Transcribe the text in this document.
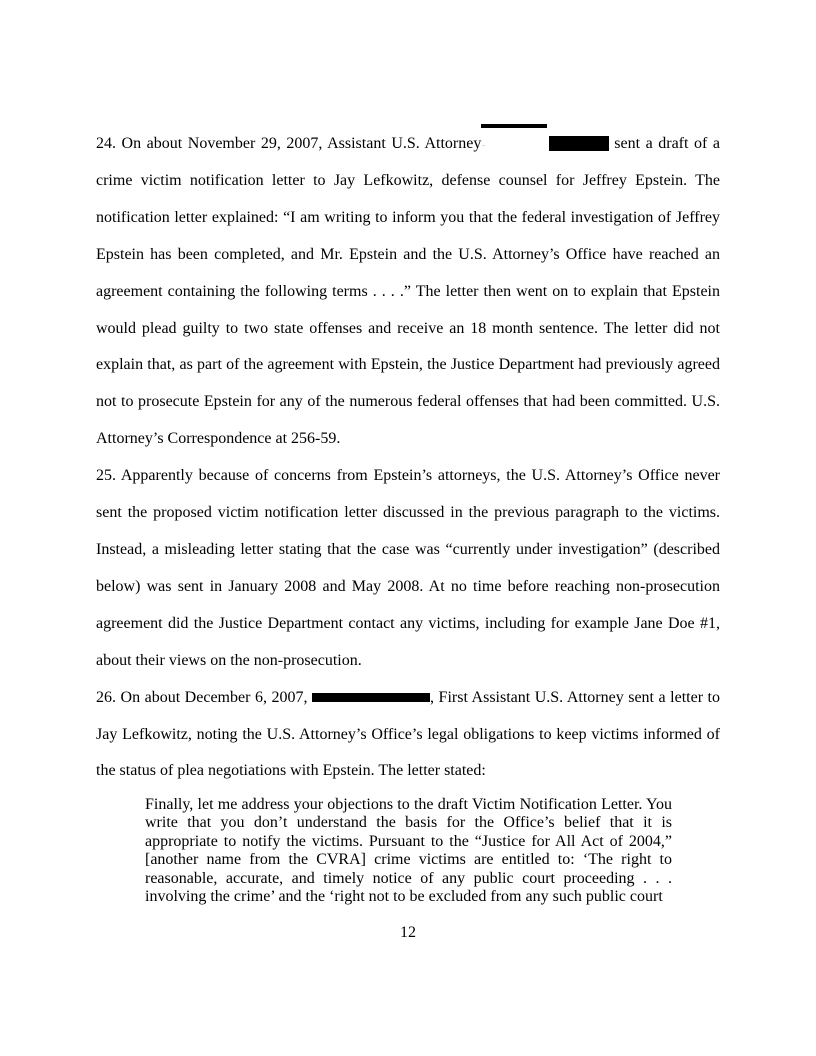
24. On about November 29, 2007, Assistant U.S. AttorneyA. Marie 	sent a draft of a crime victim notification letter to Jay Lefkowitz, defense counsel for Jeffrey Epstein. The notification letter explained: “I am writing to inform you that the federal investigation of Jeffrey Epstein has been completed, and Mr. Epstein and the U.S. Attorney’s Office have reached an agreement containing the following terms . . . .” The letter then went on to explain that Epstein would plead guilty to two state offenses and receive an 18 month sentence. The letter did not explain that, as part of the agreement with Epstein, the Justice Department had previously agreed not to prosecute Epstein for any of the numerous federal offenses that had been committed. U.S. Attorney’s Correspondence at 256-59.

25. Apparently because of concerns from Epstein’s attorneys, the U.S. Attorney’s Office never sent the proposed victim notification letter discussed in the previous paragraph to the victims. Instead, a misleading letter stating that the case was “currently under investigation” (described below) was sent in January 2008 and May 2008. At no time before reaching non-prosecution agreement did the Justice Department contact any victims, including for example Jane Doe #1, about their views on the non-prosecution.

26. On about December 6, 2007,	, First Assistant U.S. Attorney sent a letter to Jay Lefkowitz, noting the U.S. Attorney’s Office’s legal obligations to keep victims informed of the status of plea negotiations with Epstein. The letter stated:

Finally, let me address your objections to the draft Victim Notification Letter. You write that you don’t understand the basis for the Office’s belief that it is appropriate to notify the victims. Pursuant to the “Justice for All Act of 2004,” [another name from the CVRA] crime victims are entitled to: ‘The right to reasonable, accurate, and timely notice of any public court proceeding . . . involving the crime’ and the ‘right not to be excluded from any such public court

12
